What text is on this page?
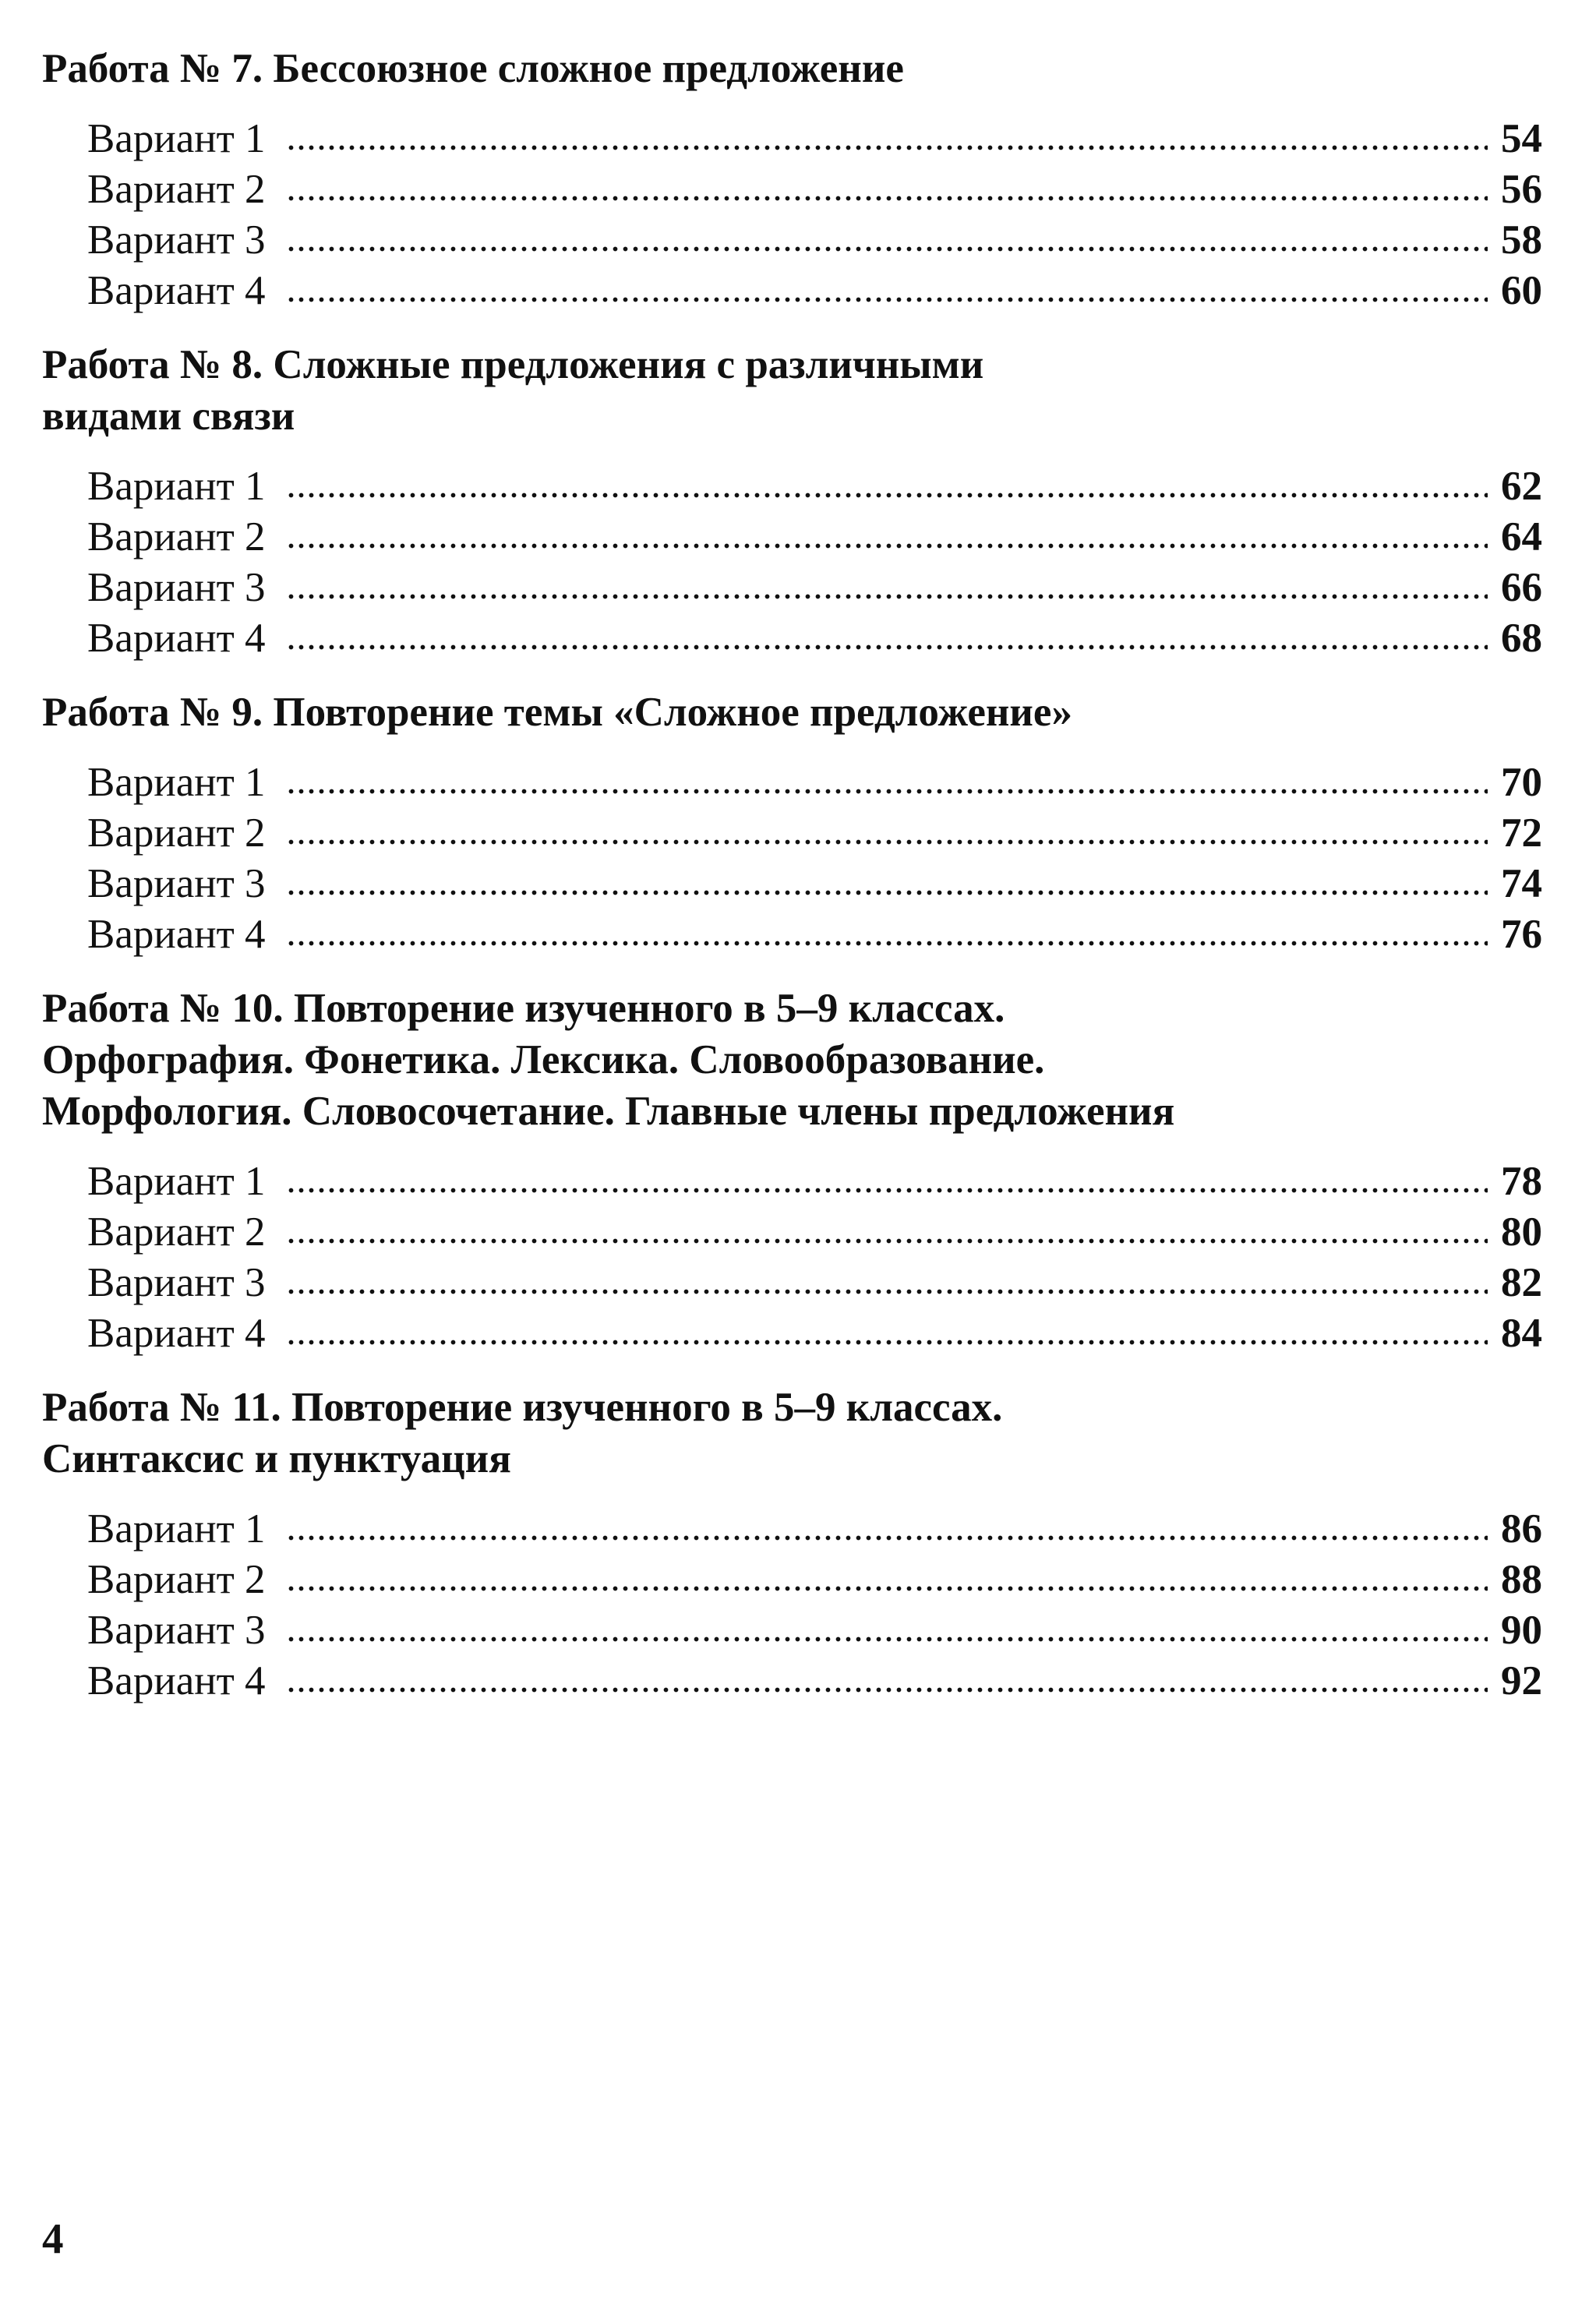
Работа № 7. Бессоюзное сложное предложение
Вариант 1	54
Вариант 2	56
Вариант 3	58
Вариант 4	60
Работа № 8. Сложные предложения с различными
видами связи
Вариант 1	62
Вариант 2	64
Вариант 3	66
Вариант 4	68
Работа № 9. Повторение темы «Сложное предложение»
Вариант 1	70
Вариант 2	72
Вариант 3	74
Вариант 4	76
Работа № 10. Повторение изученного в 5–9 классах.
Орфография. Фонетика. Лексика. Словообразование.
Морфология. Словосочетание. Главные члены предложения
Вариант 1	78
Вариант 2	80
Вариант 3	82
Вариант 4	84
Работа № 11. Повторение изученного в 5–9 классах.
Синтаксис и пунктуация
Вариант 1	86
Вариант 2	88
Вариант 3	90
Вариант 4	92
4
